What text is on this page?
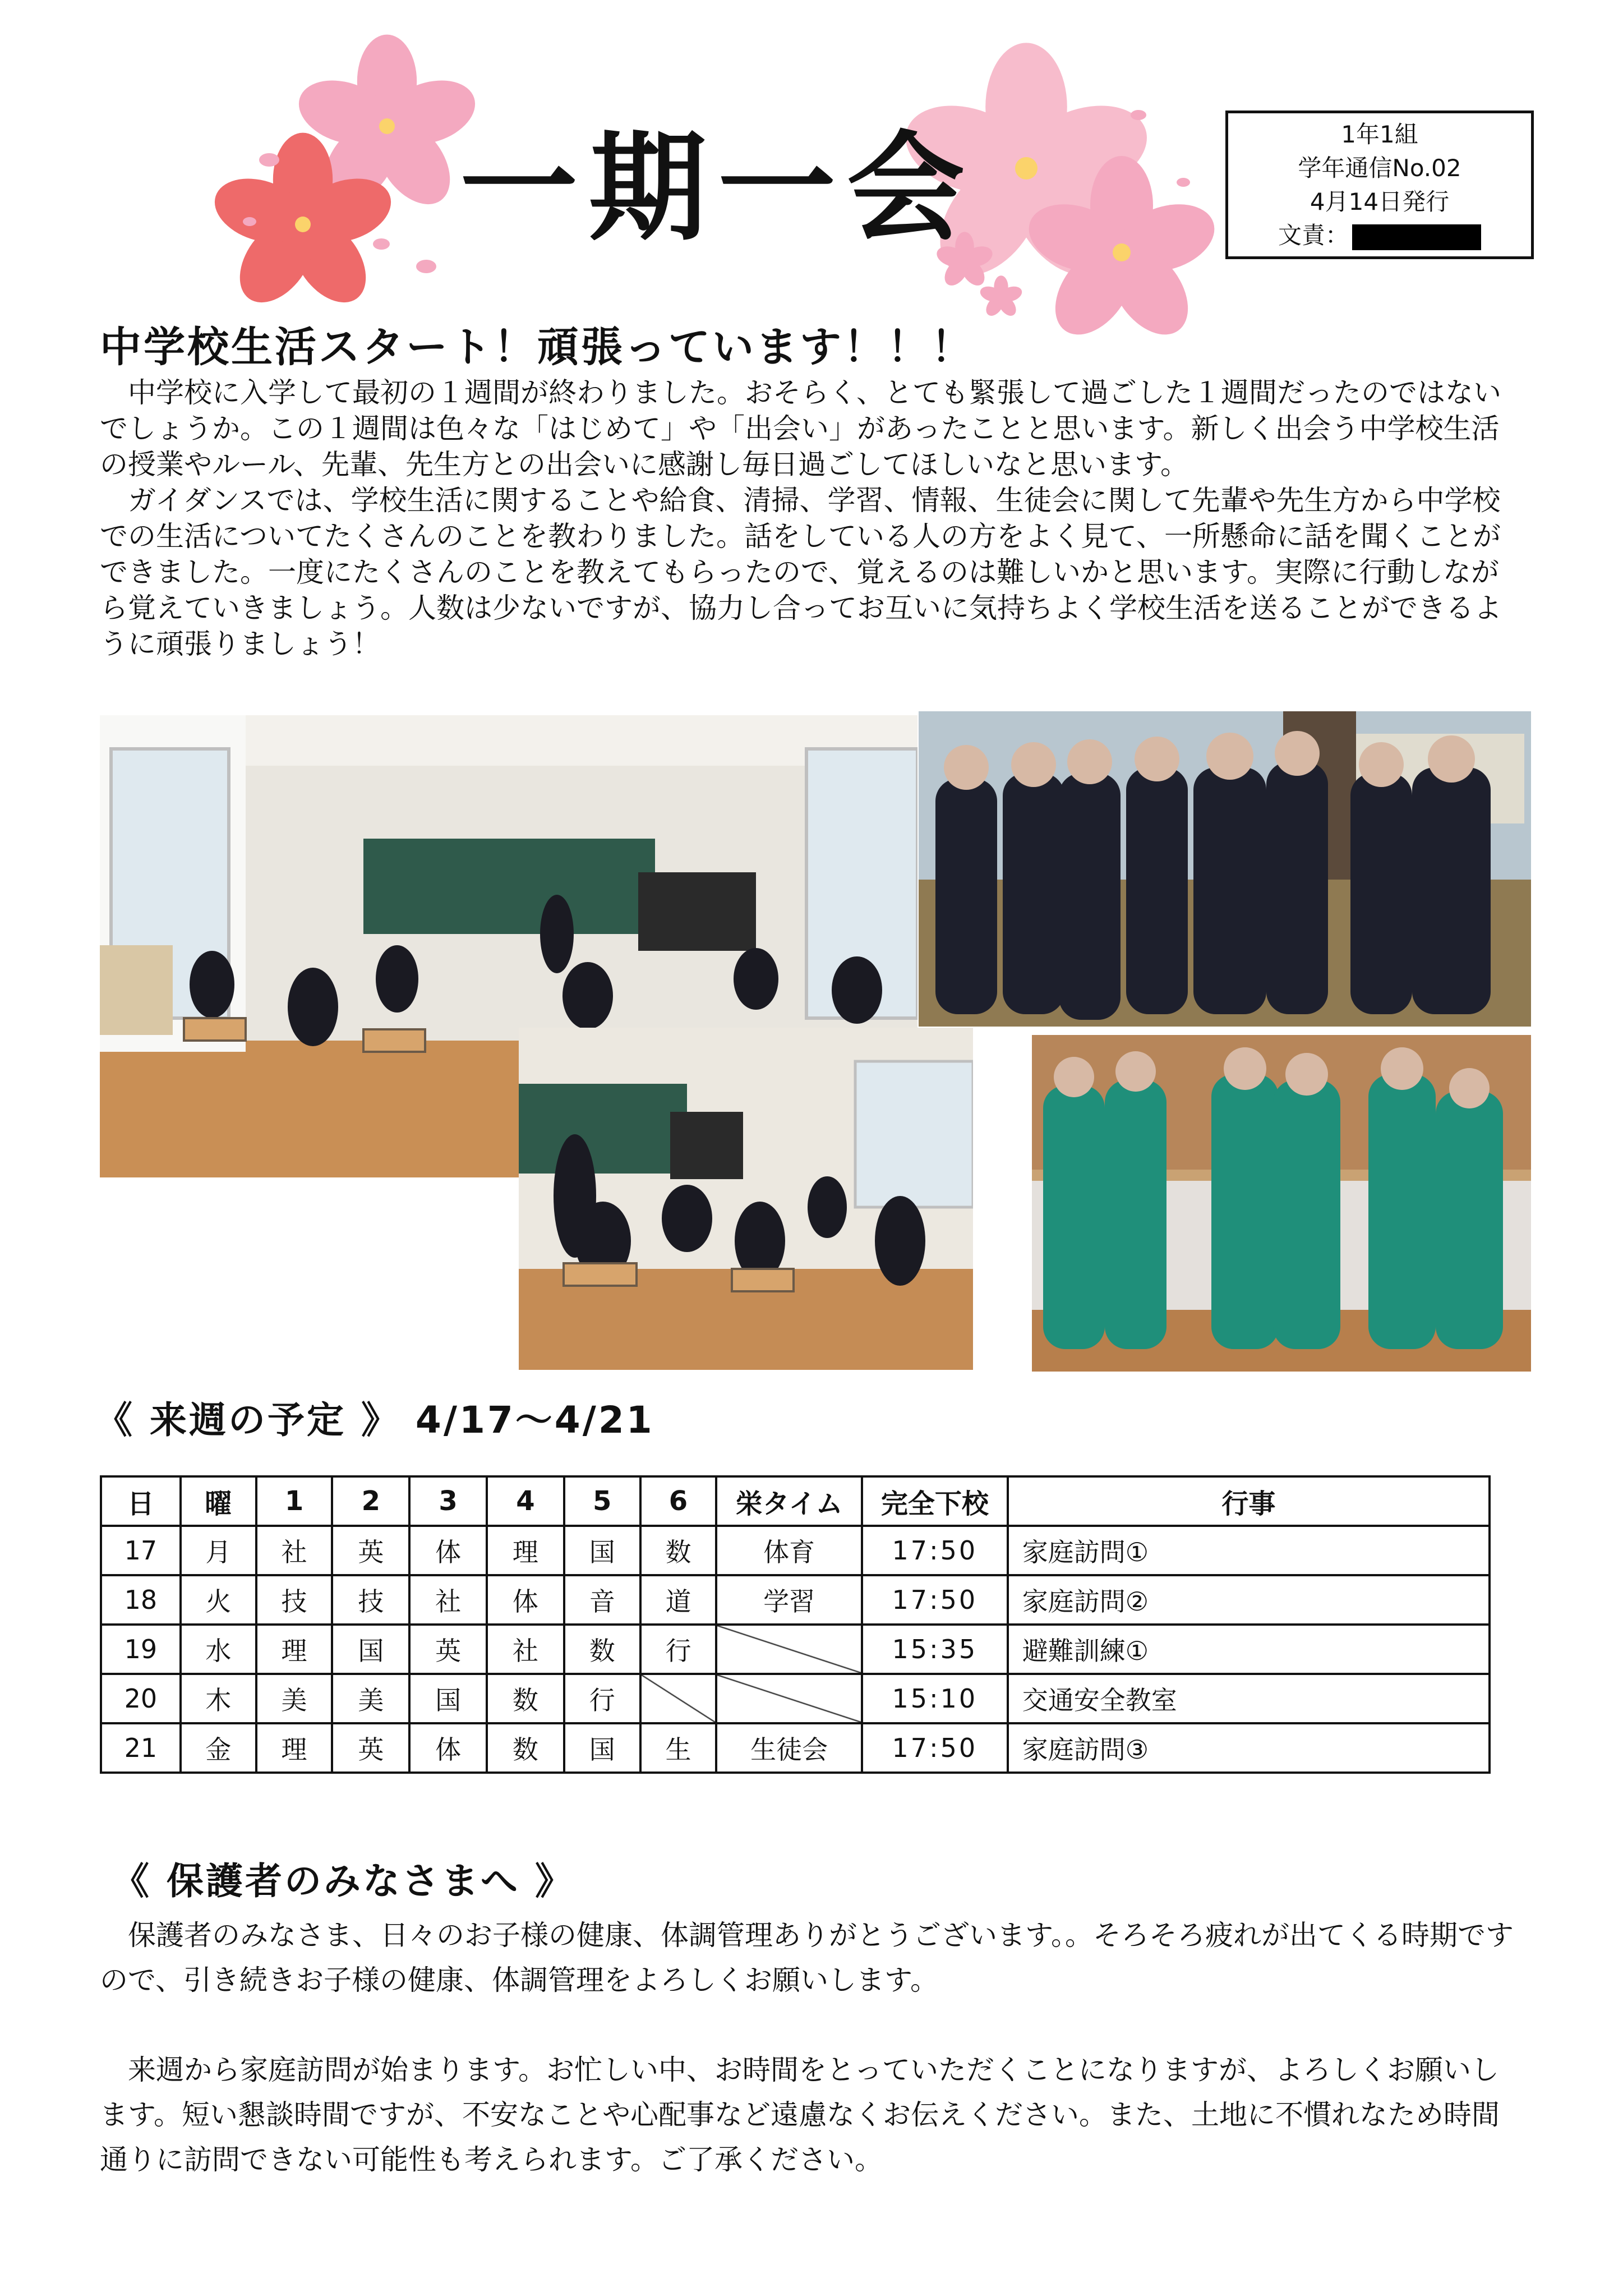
一期一会	1年1組
学年通信No.02
4月14日発行
文責：
中学校生活スタート！頑張っています！！！

中学校に入学して最初の１週間が終わりました。おそらく、とても緊張して過ごした１週間だったのではないでしょうか。この１週間は色々な「はじめて」や「出会い」があったことと思います。新しく出会う中学校生活の授業やルール、先輩、先生方との出会いに感謝し毎日過ごしてほしいなと思います。

ガイダンスでは、学校生活に関することや給食、清掃、学習、情報、生徒会に関して先輩や先生方から中学校での生活についてたくさんのことを教わりました。話をしている人の方をよく見て、一所懸命に話を聞くことができました。一度にたくさんのことを教えてもらったので、覚えるのは難しいかと思います。実際に行動しながら覚えていきましょう。人数は少ないですが、協力し合ってお互いに気持ちよく学校生活を送ることができるように頑張りましょう！

《 来週の予定 》 4/17～4/21
日	曜	1	2	3	4	5	6	栄タイム	完全下校	行事
17	月	社	英	体	理	国	数	体育	17:50	家庭訪問①
18	火	技	技	社	体	音	道	学習	17:50	家庭訪問②
19	水	理	国	英	社	数	行		15:35	避難訓練①
20	木	美	美	国	数	行			15:10	交通安全教室
21	金	理	英	体	数	国	生	生徒会	17:50	家庭訪問③
《 保護者のみなさまへ 》

保護者のみなさま、日々のお子様の健康、体調管理ありがとうございます。。そろそろ疲れが出てくる時期ですので、引き続きお子様の健康、体調管理をよろしくお願いします。

来週から家庭訪問が始まります。お忙しい中、お時間をとっていただくことになりますが、よろしくお願いします。短い懇談時間ですが、不安なことや心配事など遠慮なくお伝えください。また、土地に不慣れなため時間通りに訪問できない可能性も考えられます。ご了承ください。
